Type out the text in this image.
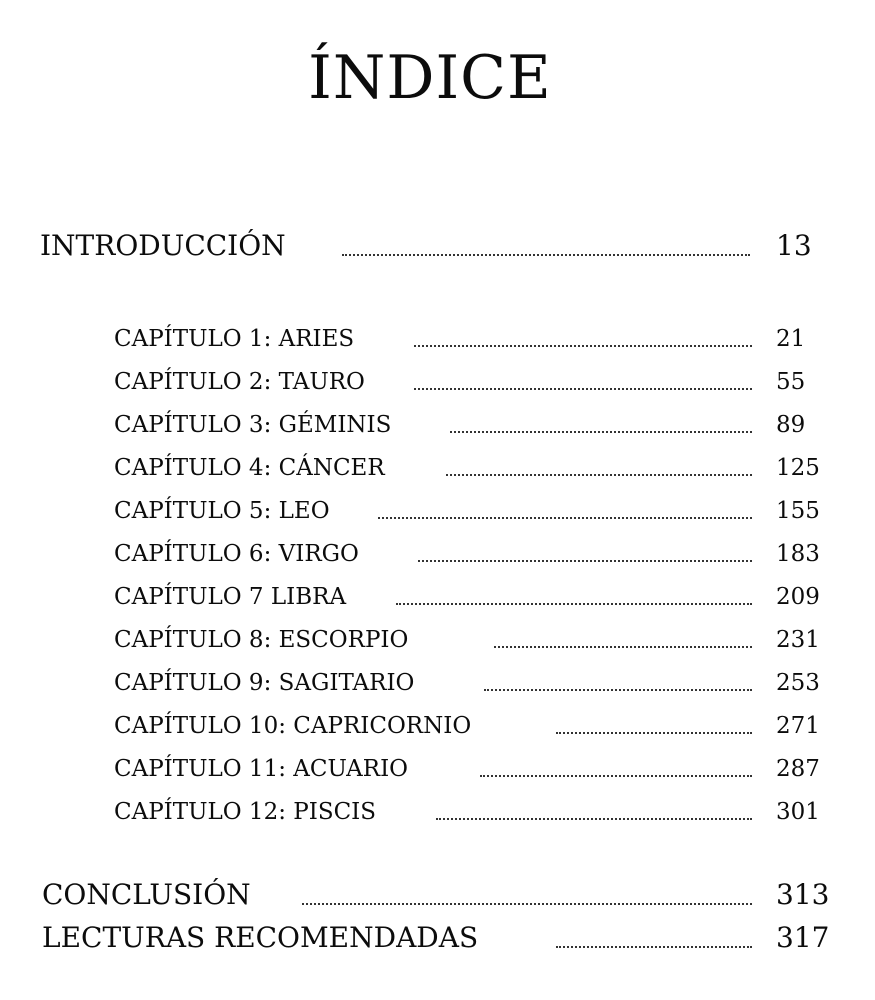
ÍNDICE
INTRODUCCIÓN	13
CAPÍTULO 1: ARIES	21
CAPÍTULO 2: TAURO	55
CAPÍTULO 3: GÉMINIS	89
CAPÍTULO 4: CÁNCER	125
CAPÍTULO 5: LEO	155
CAPÍTULO 6: VIRGO	183
CAPÍTULO 7 LIBRA	209
CAPÍTULO 8: ESCORPIO	231
CAPÍTULO 9: SAGITARIO	253
CAPÍTULO 10: CAPRICORNIO	271
CAPÍTULO 11: ACUARIO	287
CAPÍTULO 12: PISCIS	301
CONCLUSIÓN	313
LECTURAS RECOMENDADAS	317
